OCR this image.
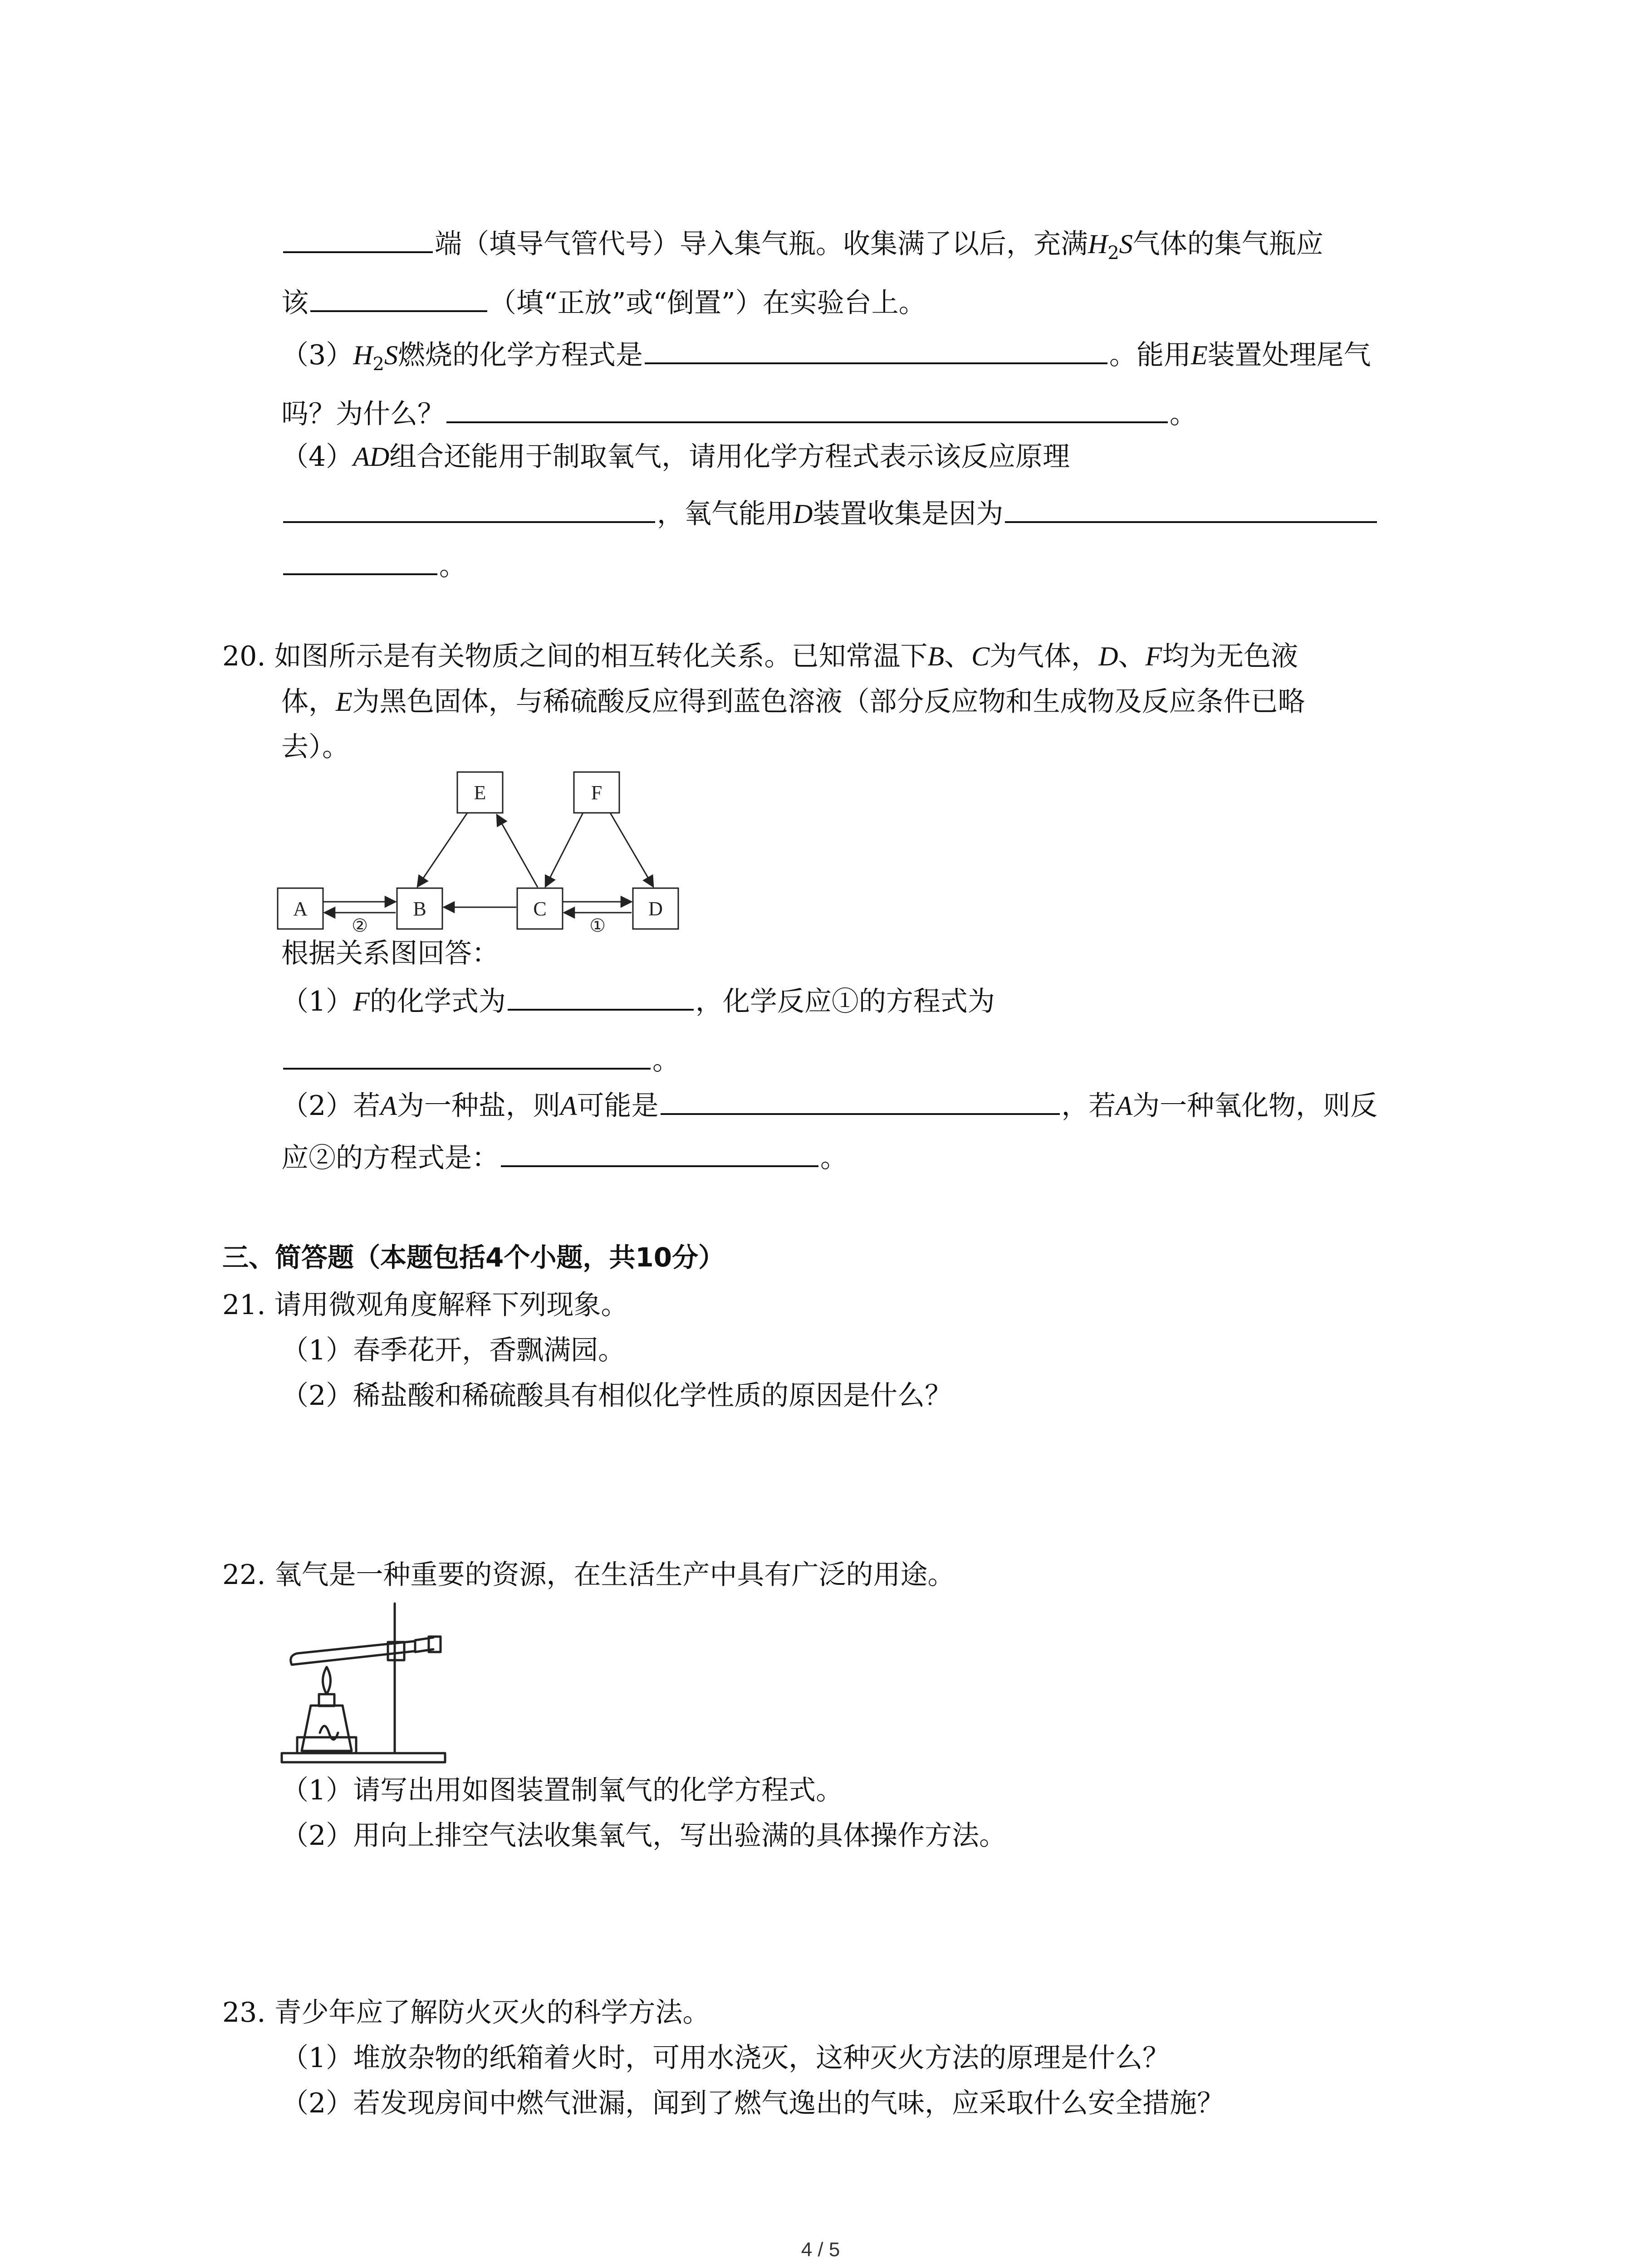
端（填导气管代号）导入集气瓶。收集满了以后，充满$H_2S$气体的集气瓶应
该	（填“正放”或“倒置”）在实验台上。
$(3)H_2S$燃烧的化学方程式是	。能用E装置处理尾气
吗？为什么？	。
（4）AD组合还能用于制取氧气，请用化学方程式表示该反应原理
，氧气能用D装置收集是因为
。
20. 如图所示是有关物质之间的相互转化关系。已知常温下B、C为气体，D、F均为无色液
体，E为黑色固体，与稀硫酸反应得到蓝色溶液（部分反应物和生成物及反应条件已略
去）。
A	B	C	D
E	F
②	①
根据关系图回答：
（1）F的化学式为	，化学反应①的方程式为
。
（2）若A为一种盐，则A可能是	，若A为一种氧化物，则反
应②的方程式是：	。
三、简答题（本题包括4个小题，共10分）
21. 请用微观角度解释下列现象。
（1）春季花开，香飘满园。
（2）稀盐酸和稀硫酸具有相似化学性质的原因是什么？
22. 氧气是一种重要的资源，在生活生产中具有广泛的用途。
（1）请写出用如图装置制氧气的化学方程式。
（2）用向上排空气法收集氧气，写出验满的具体操作方法。
23. 青少年应了解防火灭火的科学方法。
（1）堆放杂物的纸箱着火时，可用水浇灭，这种灭火方法的原理是什么？
（2）若发现房间中燃气泄漏，闻到了燃气逸出的气味，应采取什么安全措施？
4 / 5
